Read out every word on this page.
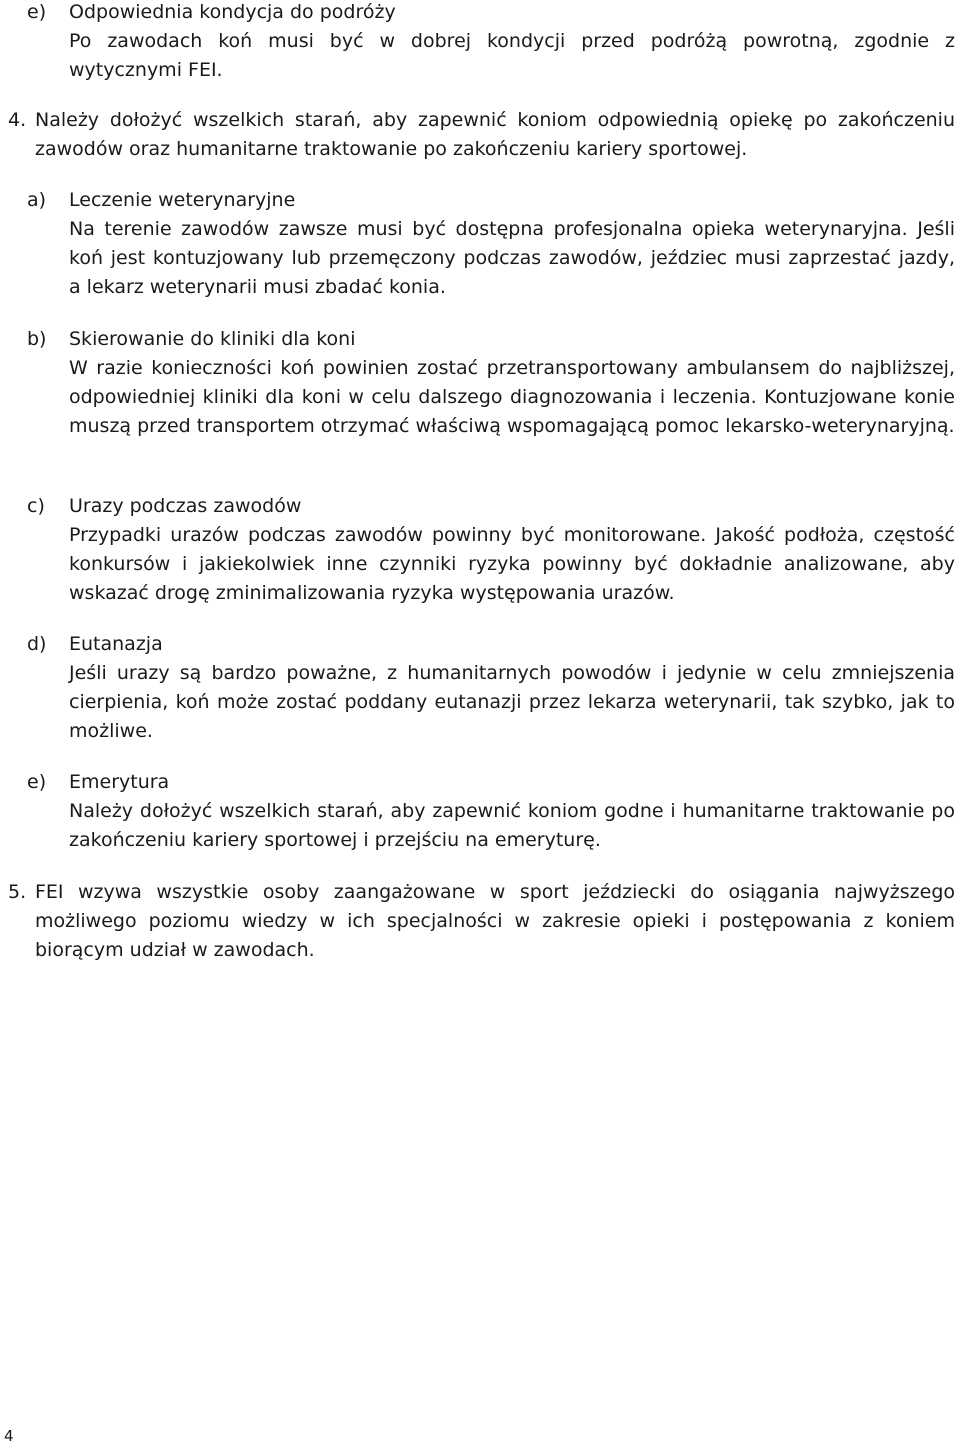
e) Odpowiednia kondycja do podróży
Po zawodach koń musi być w dobrej kondycji przed podróżą powrotną, zgodnie z wytycznymi FEI.
4. Należy dołożyć wszelkich starań, aby zapewnić koniom odpowiednią opiekę po zakończeniu zawodów oraz humanitarne traktowanie po zakończeniu kariery sportowej.
a) Leczenie weterynaryjne
Na terenie zawodów zawsze musi być dostępna profesjonalna opieka weterynaryjna. Jeśli koń jest kontuzjowany lub przemęczony podczas zawodów, jeździec musi zaprzestać jazdy, a lekarz weterynarii musi zbadać konia.
b) Skierowanie do kliniki dla koni
W razie konieczności koń powinien zostać przetransportowany ambulansem do najbliższej, odpowiedniej kliniki dla koni w celu dalszego diagnozowania i leczenia. Kontuzjowane konie muszą przed transportem otrzymać właściwą wspomagającą pomoc lekarsko-weterynaryjną.
c) Urazy podczas zawodów
Przypadki urazów podczas zawodów powinny być monitorowane. Jakość podłoża, częstość konkursów i jakiekolwiek inne czynniki ryzyka powinny być dokładnie analizowane, aby wskazać drogę zminimalizowania ryzyka występowania urazów.
d) Eutanazja
Jeśli urazy są bardzo poważne, z humanitarnych powodów i jedynie w celu zmniejszenia cierpienia, koń może zostać poddany eutanazji przez lekarza weterynarii, tak szybko, jak to możliwe.
e) Emerytura
Należy dołożyć wszelkich starań, aby zapewnić koniom godne i humanitarne traktowanie po zakończeniu kariery sportowej i przejściu na emeryturę.
5. FEI wzywa wszystkie osoby zaangażowane w sport jeździecki do osiągania najwyższego możliwego poziomu wiedzy w ich specjalności w zakresie opieki i postępowania z koniem biorącym udział w zawodach.
4
